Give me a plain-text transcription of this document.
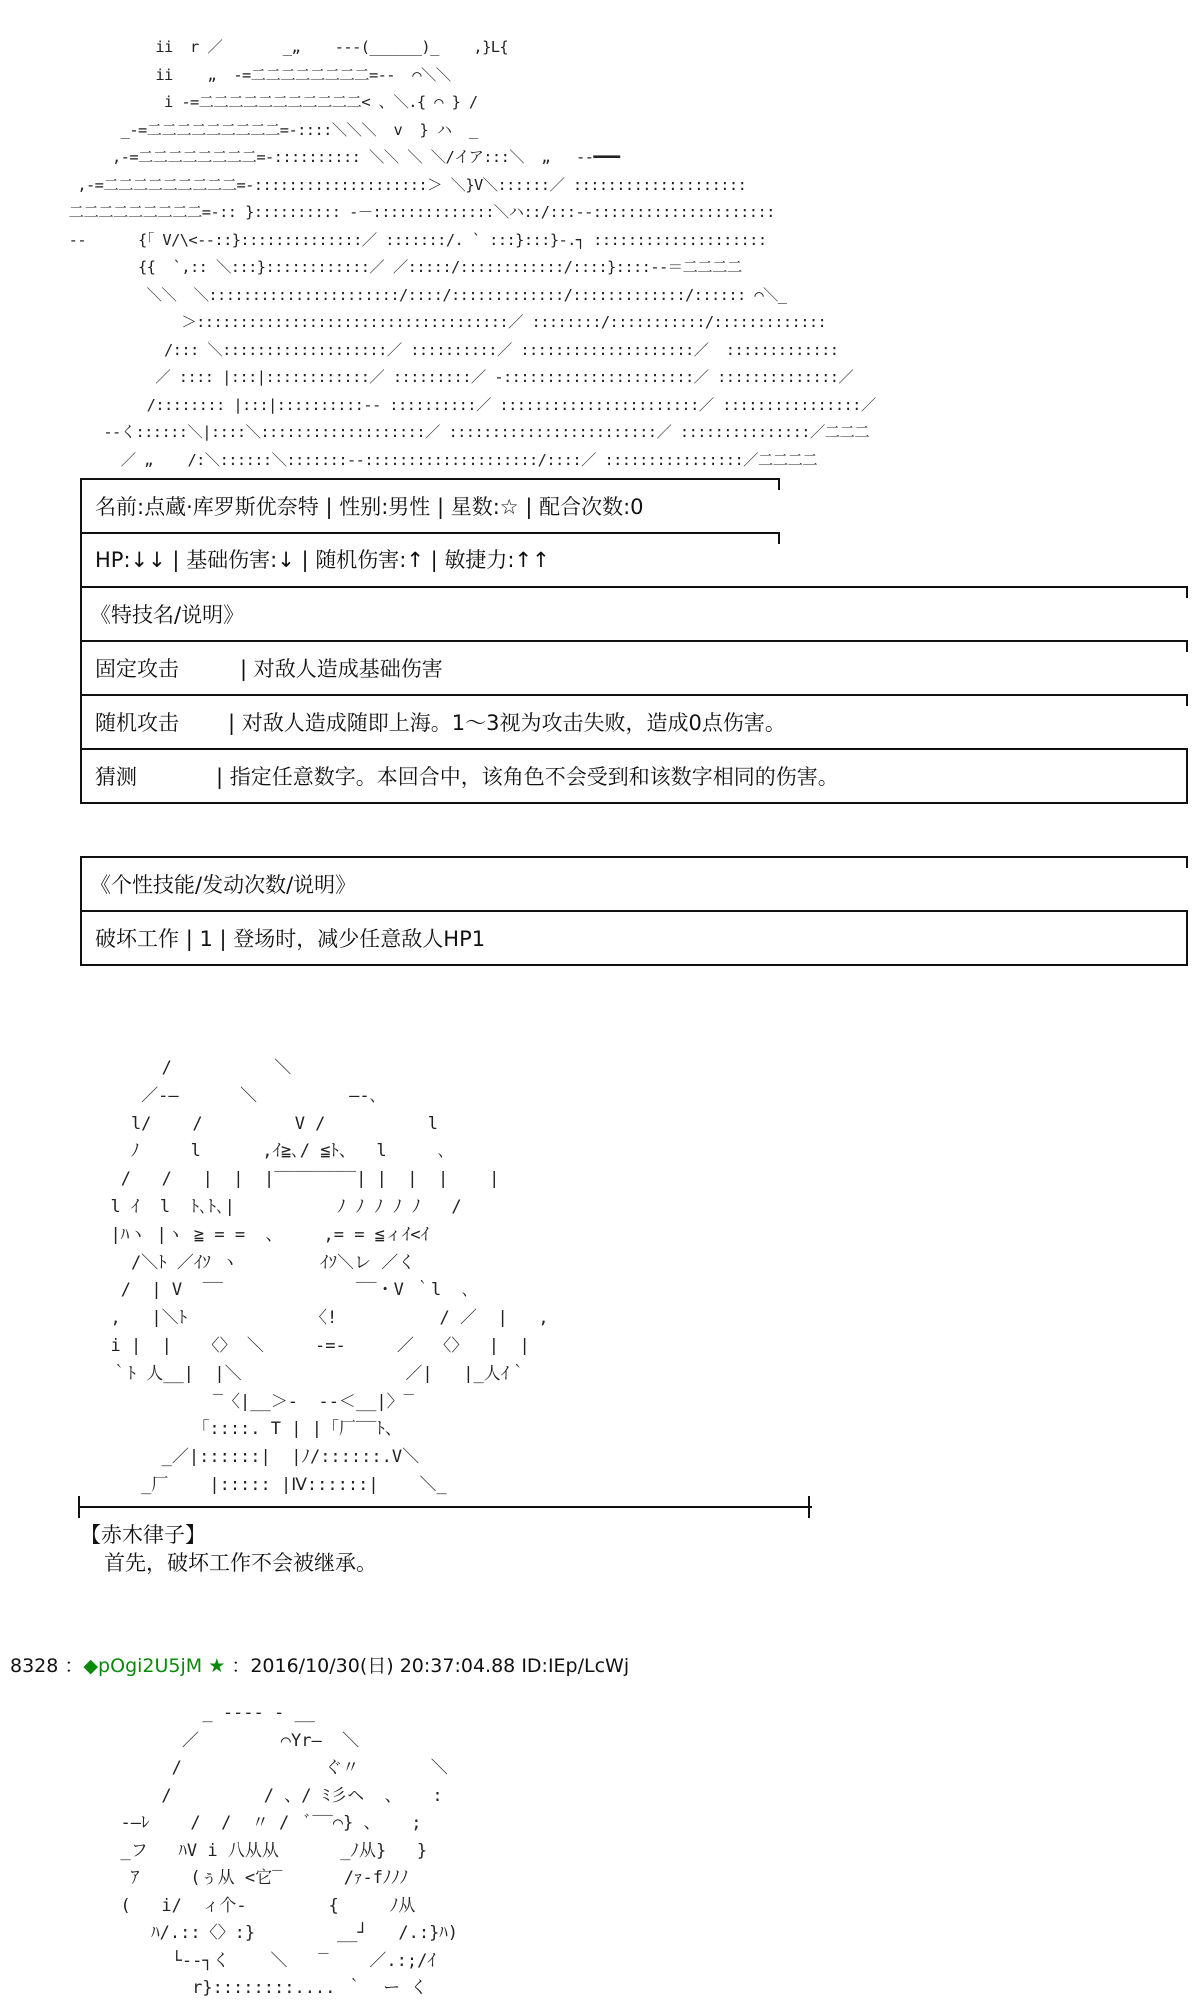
ii  r ／       _„    ---(______)_    ,}L{
ii    „  -=二二二二二二二二=--  ⌒＼＼
i -=二二二二二二二二二二二< 、＼.{ ⌒ } /
_-=二二二二二二二二二=-::::＼＼＼  v  } ハ  _
,-=二二二二二二二二=-:::::::::: ＼＼ ＼ ＼/イア:::＼  „   --━━━
,-=二二二二二二二二二=-::::::::::::::::::::＞ ＼}V＼::::::／ ::::::::::::::::::::
二二二二二二二二二=-:: }:::::::::: -－::::::::::::::＼ハ::/:::--:::::::::::::::::::::
--      {「 V/\<--::}::::::::::::::／ :::::::/. ` :::}:::}-.┐ ::::::::::::::::::::
{{  `,:: ＼:::}::::::::::::／ ／:::::/::::::::::::/::::}::::--＝二二二二
＼＼  ＼::::::::::::::::::::::/::::/:::::::::::::/:::::::::::::/:::::: ⌒＼_
＞::::::::::::::::::::::::::::::::::::／ ::::::::/:::::::::::/:::::::::::::
/::: ＼:::::::::::::::::::／ ::::::::::／ ::::::::::::::::::::／  :::::::::::::
／ :::: |:::|::::::::::::／ :::::::::／ -::::::::::::::::::::::／ ::::::::::::::／
/:::::::: |:::|::::::::::-- ::::::::::／ :::::::::::::::::::::::／ ::::::::::::::::／
--く::::::＼|::::＼:::::::::::::::::::／ ::::::::::::::::::::::::／ :::::::::::::::／二二二
／ „    /:＼::::::＼:::::::--::::::::::::::::::::/::::／ ::::::::::::::::／二二二二
名前:点蔵·库罗斯优奈特 | 性别:男性 | 星数:☆ | 配合次数:0
HP:↓↓ | 基础伤害:↓ | 随机伤害:↑ | 敏捷力:↑↑
《特技名/说明》
固定攻击	| 对敌人造成基础伤害
随机攻击 | 对敌人造成随即上海。1～3视为攻击失败，造成0点伤害。
猜测	| 指定任意数字。本回合中，该角色不会受到和该数字相同的伤害。
《个性技能/发动次数/说明》
破坏工作 | 1 | 登场时，减少任意敌人HP1
/          ＼
／-―      ＼         ―‐､
l/    /         V /          l
ﾉ     l      ,ｲ≧､/ ≦ﾄ、  l     ､
/   /   |  |  |‾‾‾‾‾‾‾‾| |  |  |    |
l ｲ  l  ﾄ､ﾄ､|          ﾉ ﾉ ﾉ ﾉ ﾉ   /
|ﾊヽ |ヽ ≧ = =  、    ,= = ≦ィｲ<ｲ
/＼ﾄ ／ｲｿ ヽ        ｲｿ＼レ ／く
/  | V  ‾‾             ‾‾・V ｀l  ､
,   |＼ﾄ            〈!          / ／  |   ,
i |  |   〈〉 ＼     -=-     ／  〈〉  |  |
｀ﾄ 人__|  |＼                ／|   |_人ｲ｀
‾〈|__＞-  -‐＜__|〉‾
「::::. T | |「厂‾‾ﾄ、
_／|::::::|  |ﾉ/::::::.V＼
_厂    |::::: |Ⅳ::::::|    ＼_
【赤木律子】
首先，破坏工作不会被继承。
8328 ：◆pOgi2U5jM ★ ：2016/10/30(日) 20:37:04.88 ID:IEp/LcWj
_ -‐‐‐ - __
／        ⌒Yr―  ＼
/              ぐ〃       ＼
/         / 、/ ﾐ彡ヘ  、   :
‐―ﾚ    /  /  〃 /  ﾞ‾‾⌒} 、   ;
_フ   ﾊV i 八从从      _ﾉ从}   }
ｱ     (ぅ从 <它‾      /ｧ-fﾉﾉﾉ
(   i/  ィ个-        {     ﾉ从
ﾊ/.::〈〉:}        __┘   /.:}ﾊ)
└‐‐┐く    ＼   ‾    ／.:;/ｲ
r}::::::::.... ｀  ー く
